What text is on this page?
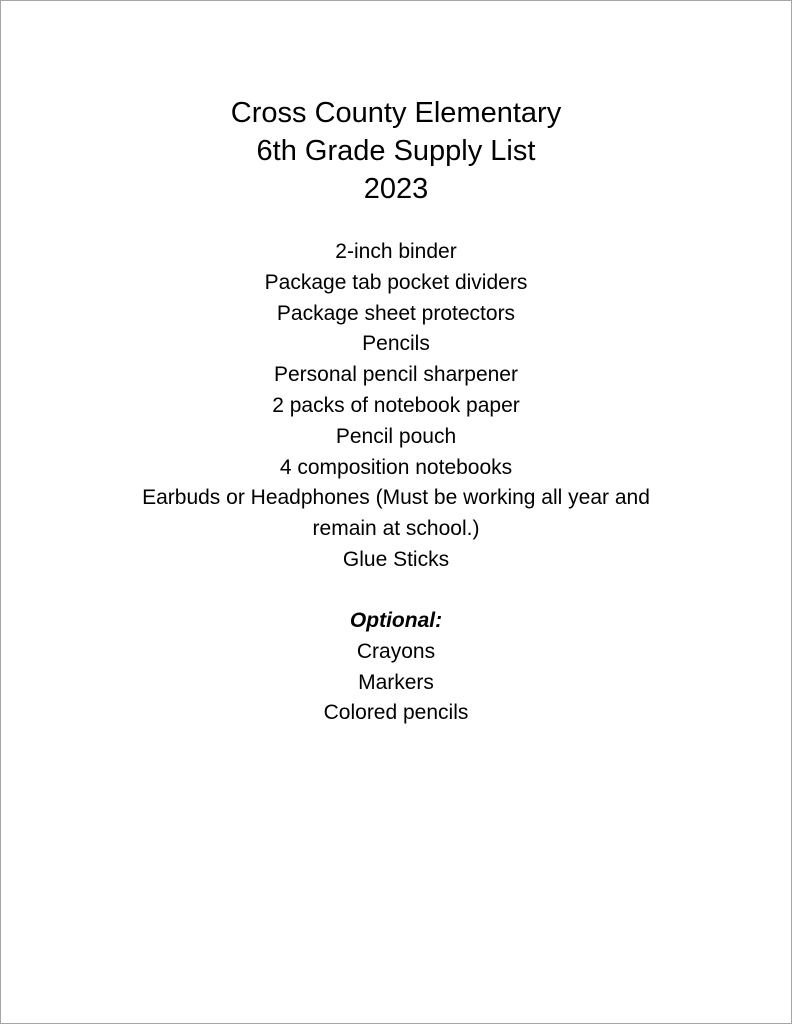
Cross County Elementary
6th Grade Supply List
2023
2-inch binder
Package tab pocket dividers
Package sheet protectors
Pencils
Personal pencil sharpener
2 packs of notebook paper
Pencil pouch
4 composition notebooks
Earbuds or Headphones (Must be working all year and
remain at school.)
Glue Sticks
Optional:
Crayons
Markers
Colored pencils
